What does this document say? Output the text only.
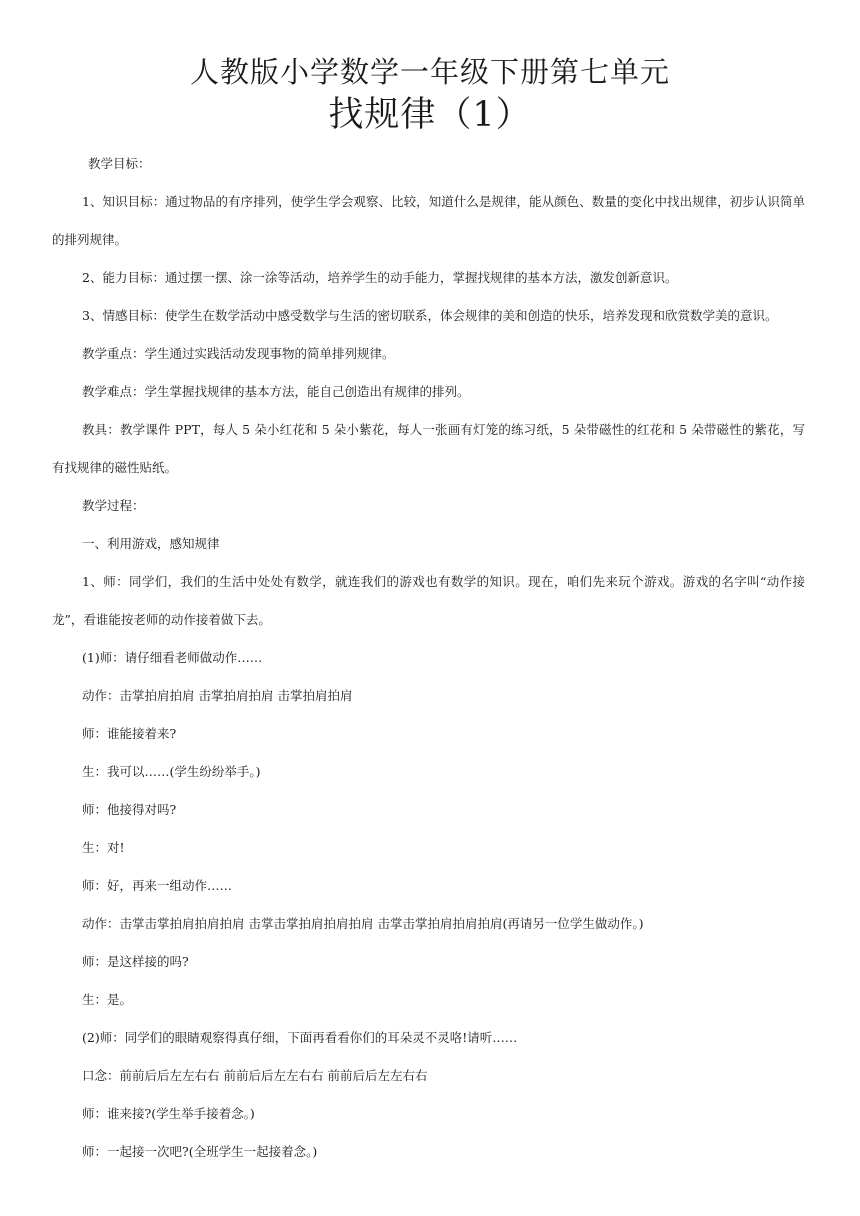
人教版小学数学一年级下册第七单元
找规律（1）

教学目标：

1、知识目标：通过物品的有序排列，使学生学会观察、比较，知道什么是规律，能从颜色、数量的变化中找出规律，初步认识简单的排列规律。

2、能力目标：通过摆一摆、涂一涂等活动，培养学生的动手能力，掌握找规律的基本方法，激发创新意识。

3、情感目标：使学生在数学活动中感受数学与生活的密切联系，体会规律的美和创造的快乐，培养发现和欣赏数学美的意识。

教学重点：学生通过实践活动发现事物的简单排列规律。

教学难点：学生掌握找规律的基本方法，能自己创造出有规律的排列。

教具：教学课件 PPT，每人 5 朵小红花和 5 朵小紫花，每人一张画有灯笼的练习纸，5 朵带磁性的红花和 5 朵带磁性的紫花，写有找规律的磁性贴纸。

教学过程：

一、利用游戏，感知规律

1、师：同学们，我们的生活中处处有数学，就连我们的游戏也有数学的知识。现在，咱们先来玩个游戏。游戏的名字叫“动作接龙”，看谁能按老师的动作接着做下去。

(1)师：请仔细看老师做动作……

动作：击掌拍肩拍肩 击掌拍肩拍肩 击掌拍肩拍肩

师：谁能接着来?

生：我可以……(学生纷纷举手。)

师：他接得对吗?

生：对!

师：好，再来一组动作……

动作：击掌击掌拍肩拍肩拍肩 击掌击掌拍肩拍肩拍肩 击掌击掌拍肩拍肩拍肩(再请另一位学生做动作。)

师：是这样接的吗?

生：是。

(2)师：同学们的眼睛观察得真仔细，下面再看看你们的耳朵灵不灵咯!请听……

口念：前前后后左左右右 前前后后左左右右 前前后后左左右右

师：谁来接?(学生举手接着念。)

师：一起接一次吧?(全班学生一起接着念。)
